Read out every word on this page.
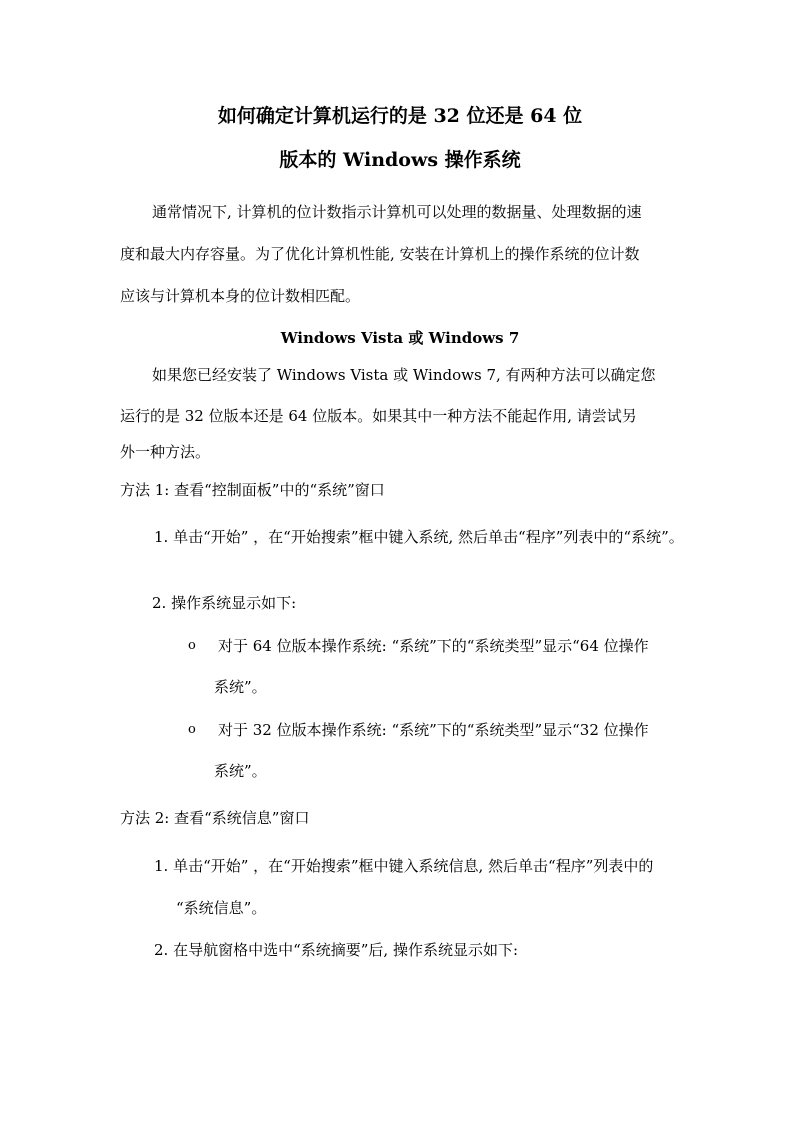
如何确定计算机运行的是 32 位还是 64 位
版本的 Windows 操作系统
通常情况下, 计算机的位计数指示计算机可以处理的数据量、处理数据的速
度和最大内存容量。为了优化计算机性能, 安装在计算机上的操作系统的位计数
应该与计算机本身的位计数相匹配。
Windows Vista 或 Windows 7
如果您已经安装了 Windows Vista 或 Windows 7, 有两种方法可以确定您
运行的是 32 位版本还是 64 位版本。如果其中一种方法不能起作用, 请尝试另
外一种方法。
方法 1: 查看“控制面板”中的“系统”窗口
1. 单击“开始” ，在“开始搜索”框中键入系统, 然后单击“程序”列表中的“系统”。
2. 操作系统显示如下:
o 对于 64 位版本操作系统: “系统”下的“系统类型”显示“64 位操作
系统”。
o 对于 32 位版本操作系统: “系统”下的“系统类型”显示“32 位操作
系统”。
方法 2: 查看“系统信息”窗口
1. 单击“开始” ，在“开始搜索”框中键入系统信息, 然后单击“程序”列表中的
“系统信息”。
2. 在导航窗格中选中“系统摘要”后, 操作系统显示如下:
